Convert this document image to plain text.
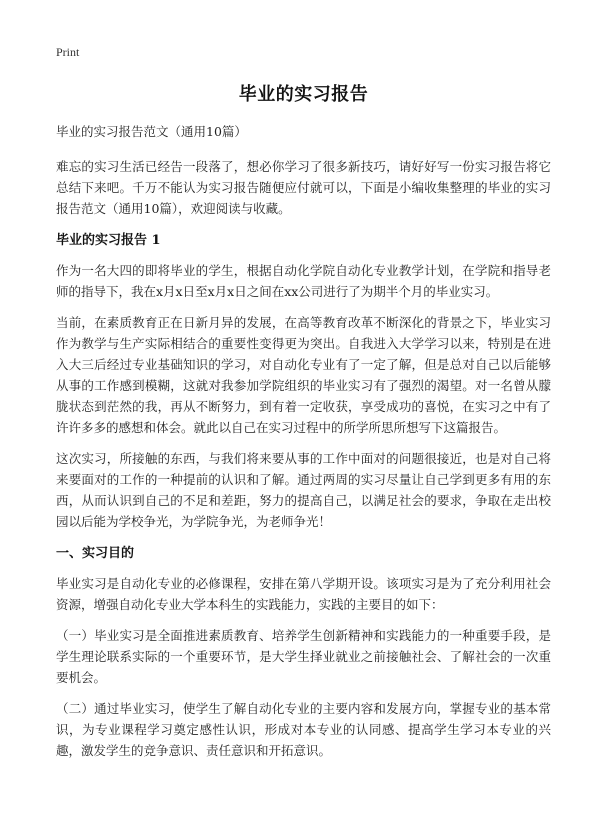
Print
毕业的实习报告
毕业的实习报告范文（通用10篇）

难忘的实习生活已经告一段落了，想必你学习了很多新技巧，请好好写一份实习报告将它总结下来吧。千万不能认为实习报告随便应付就可以，下面是小编收集整理的毕业的实习报告范文（通用10篇），欢迎阅读与收藏。

毕业的实习报告 1

作为一名大四的即将毕业的学生，根据自动化学院自动化专业教学计划，在学院和指导老师的指导下，我在x月x日至x月x日之间在xx公司进行了为期半个月的毕业实习。

当前，在素质教育正在日新月异的发展，在高等教育改革不断深化的背景之下，毕业实习作为教学与生产实际相结合的重要性变得更为突出。自我进入大学学习以来，特别是在进入大三后经过专业基础知识的学习，对自动化专业有了一定了解，但是总对自己以后能够从事的工作感到模糊，这就对我参加学院组织的毕业实习有了强烈的渴望。对一名曾从朦胧状态到茫然的我，再从不断努力，到有着一定收获，享受成功的喜悦，在实习之中有了许许多多的感想和体会。就此以自己在实习过程中的所学所思所想写下这篇报告。

这次实习，所接触的东西，与我们将来要从事的工作中面对的问题很接近，也是对自己将来要面对的工作的一种提前的认识和了解。通过两周的实习尽量让自己学到更多有用的东西，从而认识到自己的不足和差距，努力的提高自己，以满足社会的要求，争取在走出校园以后能为学校争光，为学院争光，为老师争光！

一、实习目的

毕业实习是自动化专业的必修课程，安排在第八学期开设。该项实习是为了充分利用社会资源，增强自动化专业大学本科生的实践能力，实践的主要目的如下：

（一）毕业实习是全面推进素质教育、培养学生创新精神和实践能力的一种重要手段，是学生理论联系实际的一个重要环节，是大学生择业就业之前接触社会、了解社会的一次重要机会。

（二）通过毕业实习，使学生了解自动化专业的主要内容和发展方向，掌握专业的基本常识，为专业课程学习奠定感性认识，形成对本专业的认同感、提高学生学习本专业的兴趣，激发学生的竞争意识、责任意识和开拓意识。
